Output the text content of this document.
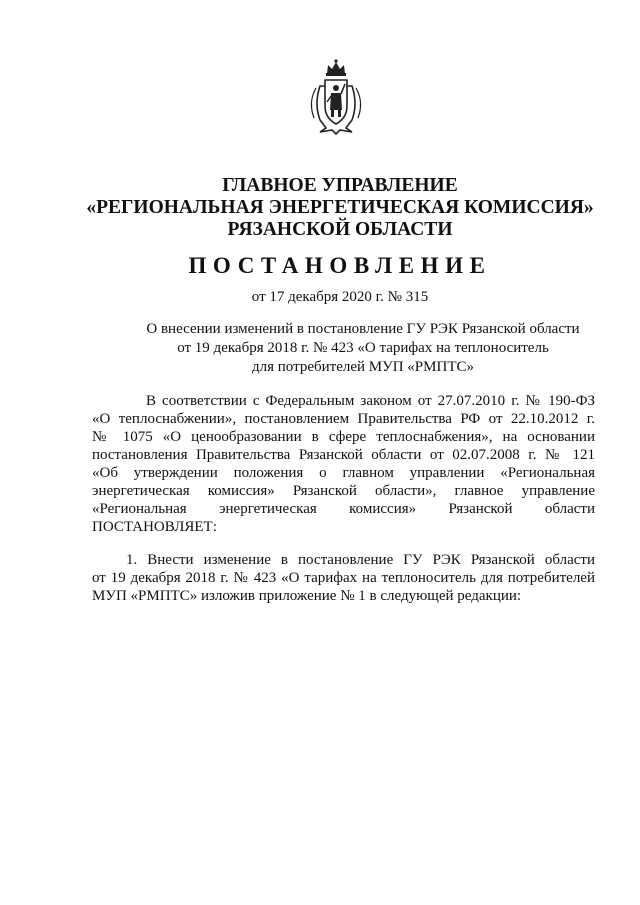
ГЛАВНОЕ УПРАВЛЕНИЕ
«РЕГИОНАЛЬНАЯ ЭНЕРГЕТИЧЕСКАЯ КОМИССИЯ»
РЯЗАНСКОЙ ОБЛАСТИ
ПОСТАНОВЛЕНИЕ
от 17 декабря 2020 г. № 315
О внесении изменений в постановление ГУ РЭК Рязанской области
от 19 декабря 2018 г. № 423 «О тарифах на теплоноситель
для потребителей МУП «РМПТС»
В соответствии с Федеральным законом от 27.07.2010 г. № 190-ФЗ
«О теплоснабжении», постановлением Правительства РФ от 22.10.2012 г.
№ 1075 «О ценообразовании в сфере теплоснабжения», на основании
постановления Правительства Рязанской области от 02.07.2008 г. № 121
«Об утверждении положения о главном управлении «Региональная
энергетическая комиссия» Рязанской области», главное управление
«Региональная энергетическая комиссия» Рязанской области
ПОСТАНОВЛЯЕТ:
1. Внести изменение в постановление ГУ РЭК Рязанской области
от 19 декабря 2018 г. № 423 «О тарифах на теплоноситель для потребителей
МУП «РМПТС» изложив приложение № 1 в следующей редакции:
